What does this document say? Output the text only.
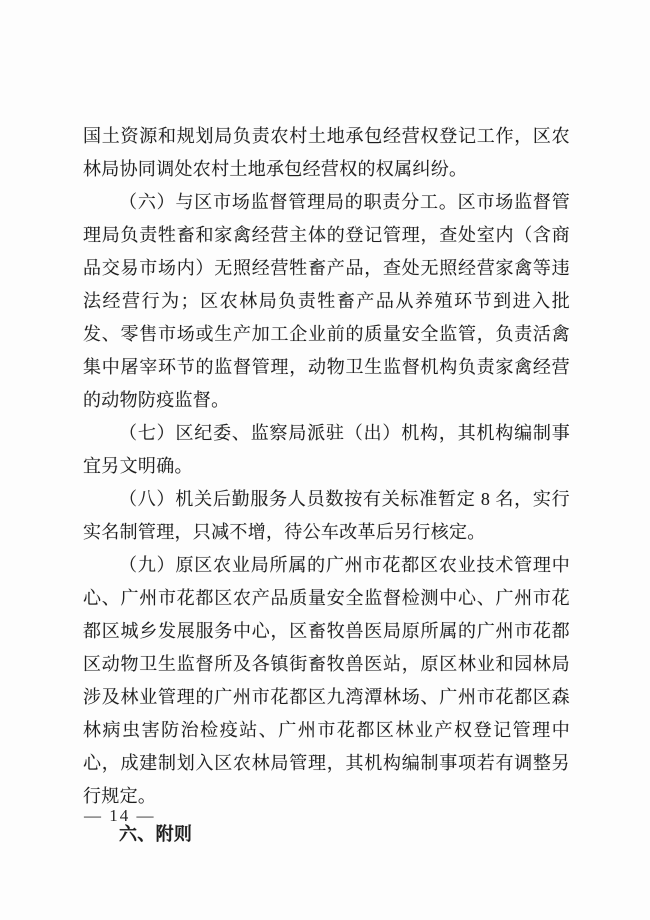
国土资源和规划局负责农村土地承包经营权登记工作，区农林局协同调处农村土地承包经营权的权属纠纷。

（六）与区市场监督管理局的职责分工。区市场监督管理局负责牲畜和家禽经营主体的登记管理，查处室内（含商品交易市场内）无照经营牲畜产品，查处无照经营家禽等违法经营行为；区农林局负责牲畜产品从养殖环节到进入批发、零售市场或生产加工企业前的质量安全监管，负责活禽集中屠宰环节的监督管理，动物卫生监督机构负责家禽经营的动物防疫监督。

（七）区纪委、监察局派驻（出）机构，其机构编制事宜另文明确。

（八）机关后勤服务人员数按有关标准暂定 8 名，实行实名制管理，只减不增，待公车改革后另行核定。

（九）原区农业局所属的广州市花都区农业技术管理中心、广州市花都区农产品质量安全监督检测中心、广州市花都区城乡发展服务中心，区畜牧兽医局原所属的广州市花都区动物卫生监督所及各镇街畜牧兽医站，原区林业和园林局涉及林业管理的广州市花都区九湾潭林场、广州市花都区森林病虫害防治检疫站、广州市花都区林业产权登记管理中心，成建制划入区农林局管理，其机构编制事项若有调整另行规定。

六、附则

— 14 —
